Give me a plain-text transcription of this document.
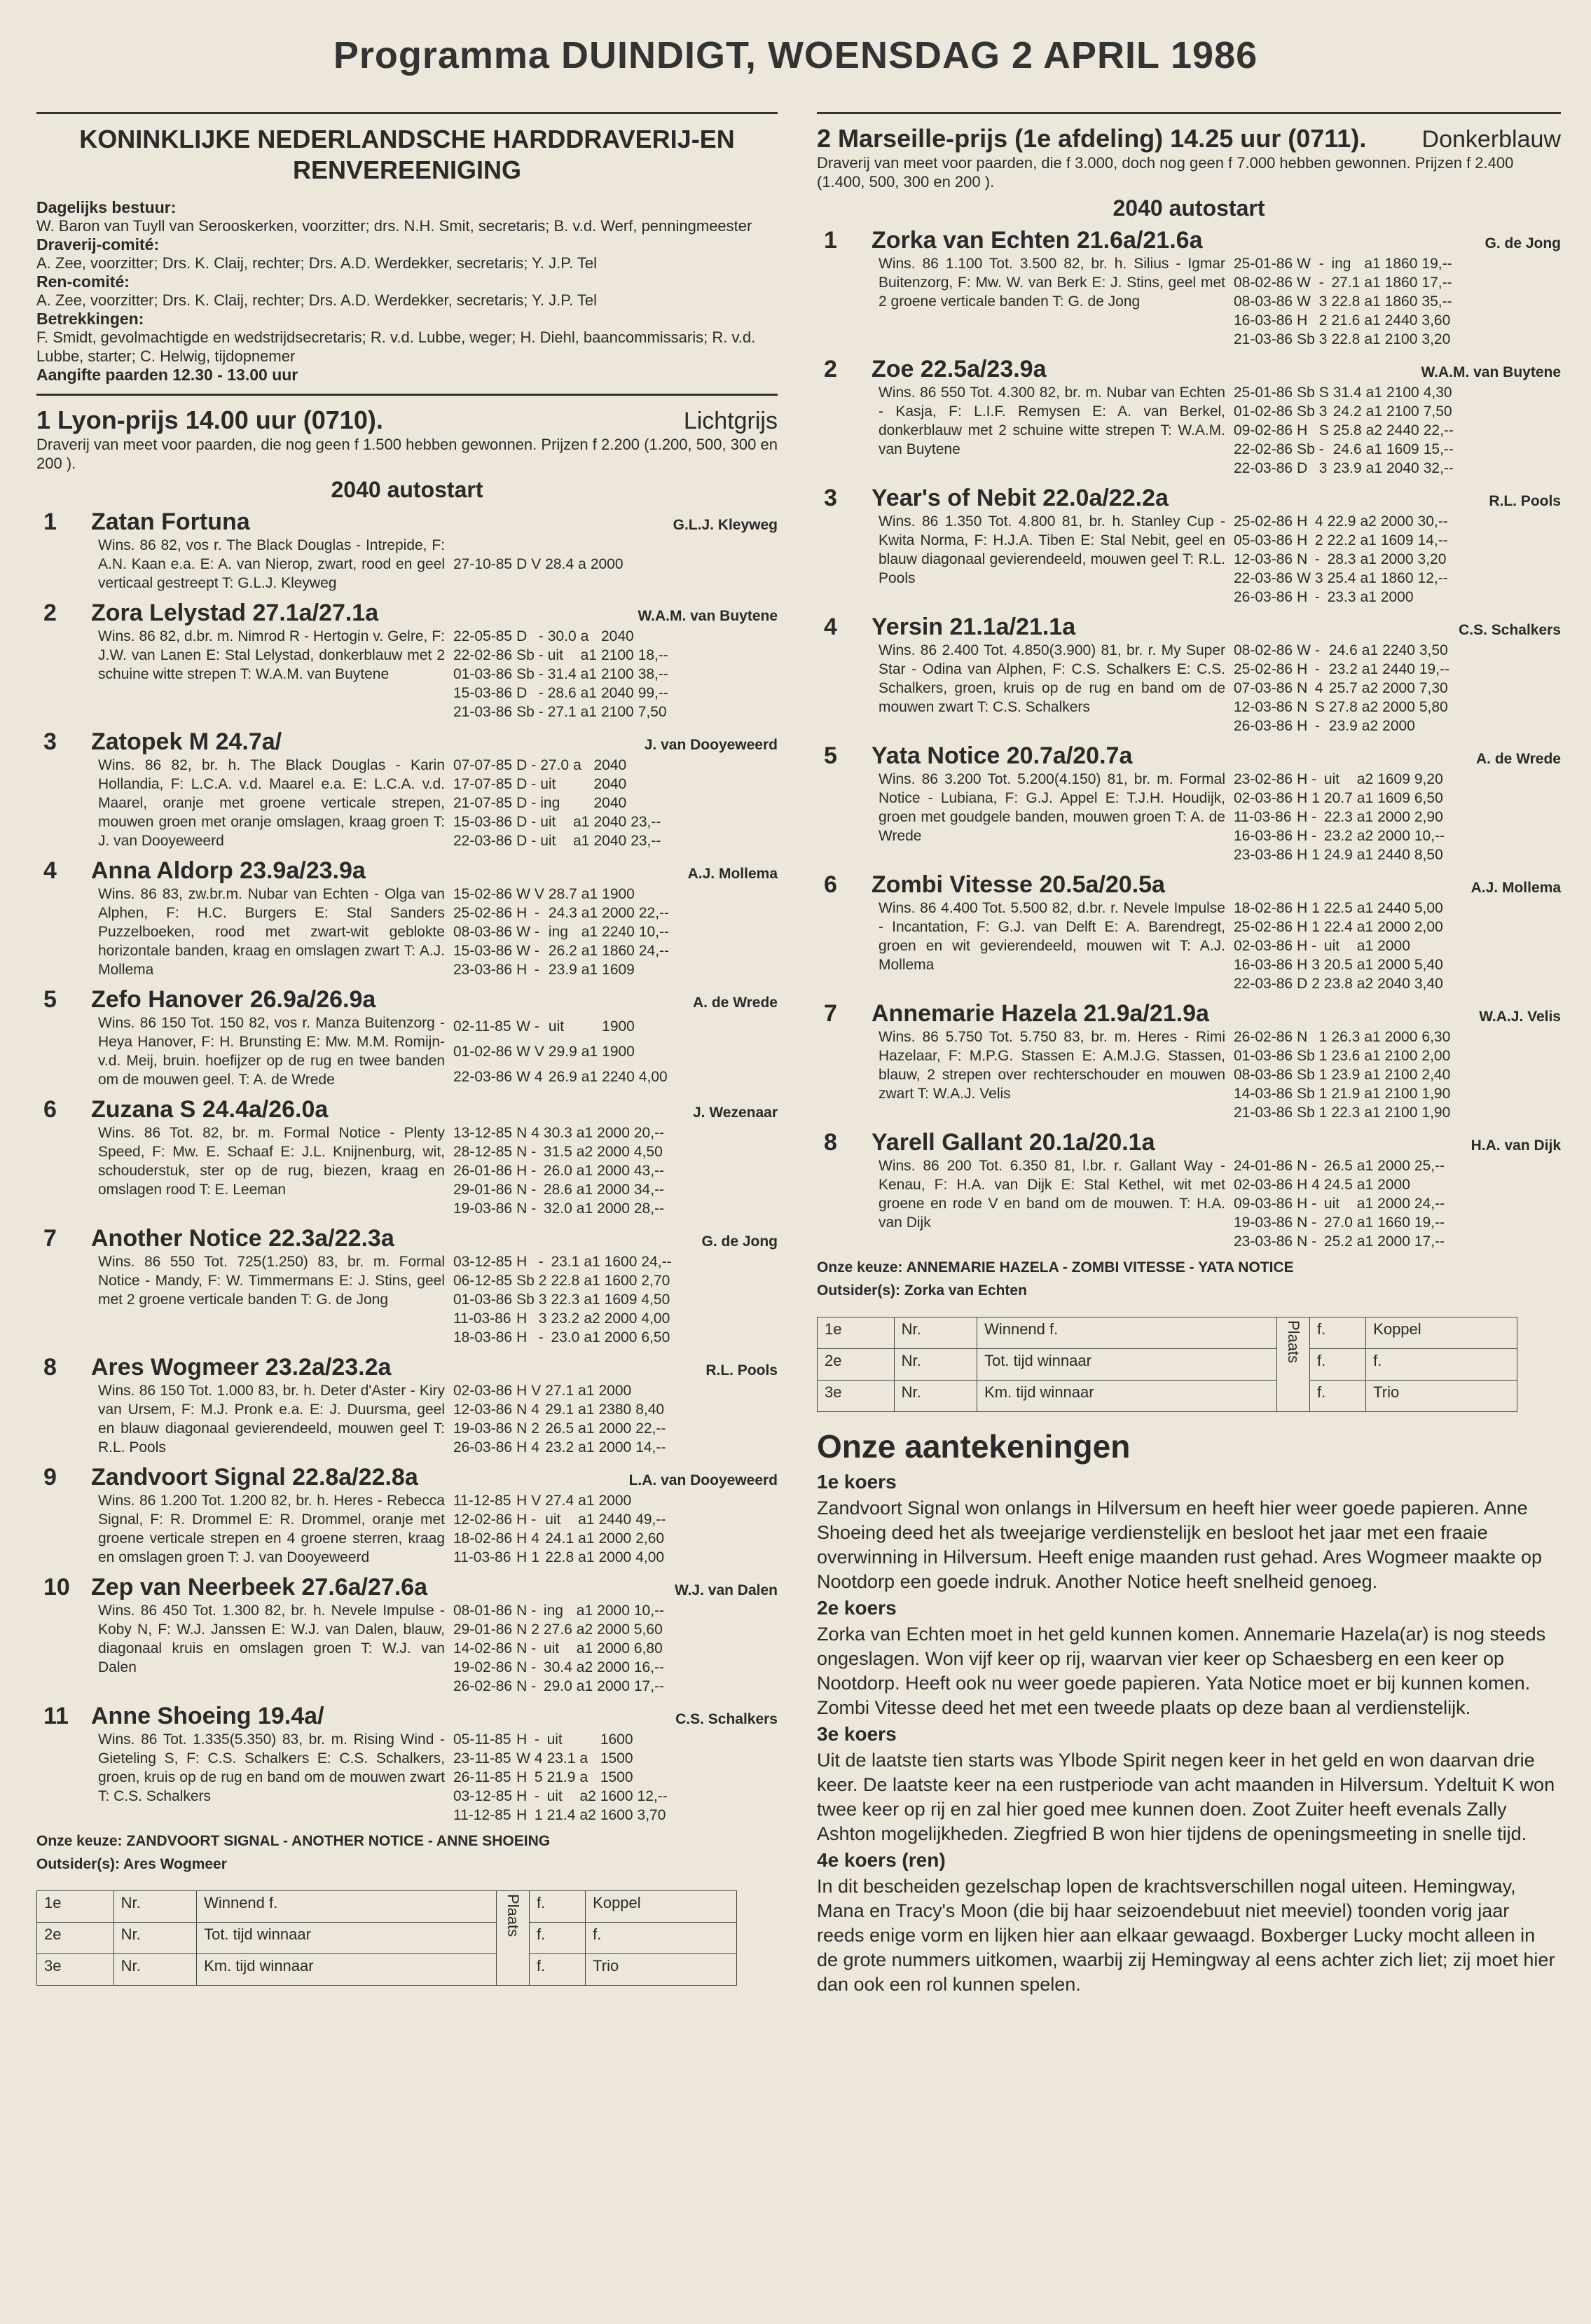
Programma DUINDIGT, WOENSDAG 2 APRIL 1986
KONINKLIJKE NEDERLANDSCHE HARDDRAVERIJ-EN RENVEREENIGING
Dagelijks bestuur:
W. Baron van Tuyll van Serooskerken, voorzitter; drs. N.H. Smit, secretaris; B. v.d. Werf, penningmeester
Draverij-comité:
A. Zee, voorzitter; Drs. K. Claij, rechter; Drs. A.D. Werdekker, secretaris; Y. J.P. Tel
Ren-comité:
A. Zee, voorzitter; Drs. K. Claij, rechter; Drs. A.D. Werdekker, secretaris; Y. J.P. Tel
Betrekkingen:
F. Smidt, gevolmachtigde en wedstrijdsecretaris; R. v.d. Lubbe, weger; H. Diehl, baancommissaris; R. v.d. Lubbe, starter; C. Helwig, tijdopnemer
Aangifte paarden 12.30 - 13.00 uur
1 Lyon-prijs 14.00 uur (0710).	Lichtgrijs
Draverij van meet voor paarden, die nog geen f 1.500 hebben gewonnen. Prijzen f 2.200 (1.200, 500, 300 en 200 ).
2040 autostart
1	Zatan Fortuna	G.L.J. Kleyweg
Wins. 86 82, vos r. The Black Douglas - Intrepide, F: A.N. Kaan e.a. E: A. van Nierop, zwart, rood en geel verticaal gestreept T: G.L.J. Kleyweg
27-10-85	D	V	28.4	a	2000	
2	Zora Lelystad 27.1a/27.1a	W.A.M. van Buytene
Wins. 86 82, d.br. m. Nimrod R - Hertogin v. Gelre, F: J.W. van Lanen E: Stal Lelystad, donkerblauw met 2 schuine witte strepen T: W.A.M. van Buytene
22-05-85	D	-	30.0	a	2040	
22-02-86	Sb	-	uit	a1	2100	18,--
01-03-86	Sb	-	31.4	a1	2100	38,--
15-03-86	D	-	28.6	a1	2040	99,--
21-03-86	Sb	-	27.1	a1	2100	7,50
3	Zatopek M 24.7a/	J. van Dooyeweerd
Wins. 86 82, br. h. The Black Douglas - Karin Hollandia, F: L.C.A. v.d. Maarel e.a. E: L.C.A. v.d. Maarel, oranje met groene verticale strepen, mouwen groen met oranje omslagen, kraag groen T: J. van Dooyeweerd
07-07-85	D	-	27.0	a	2040	
17-07-85	D	-	uit		2040	
21-07-85	D	-	ing		2040	
15-03-86	D	-	uit	a1	2040	23,--
22-03-86	D	-	uit	a1	2040	23,--
4	Anna Aldorp 23.9a/23.9a	A.J. Mollema
Wins. 86 83, zw.br.m. Nubar van Echten - Olga van Alphen, F: H.C. Burgers E: Stal Sanders Puzzelboeken, rood met zwart-wit geblokte horizontale banden, kraag en omslagen zwart T: A.J. Mollema
15-02-86	W	V	28.7	a1	1900	
25-02-86	H	-	24.3	a1	2000	22,--
08-03-86	W	-	ing	a1	2240	10,--
15-03-86	W	-	26.2	a1	1860	24,--
23-03-86	H	-	23.9	a1	1609	
5	Zefo Hanover 26.9a/26.9a	A. de Wrede
Wins. 86 150 Tot. 150 82, vos r. Manza Buitenzorg - Heya Hanover, F: H. Brunsting E: Mw. M.M. Romijn-v.d. Meij, bruin. hoefijzer op de rug en twee banden om de mouwen geel. T: A. de Wrede
02-11-85	W	-	uit		1900	
01-02-86	W	V	29.9	a1	1900	
22-03-86	W	4	26.9	a1	2240	4,00
6	Zuzana S 24.4a/26.0a	J. Wezenaar
Wins. 86 Tot. 82, br. m. Formal Notice - Plenty Speed, F: Mw. E. Schaaf E: J.L. Knijnenburg, wit, schouderstuk, ster op de rug, biezen, kraag en omslagen rood T: E. Leeman
13-12-85	N	4	30.3	a1	2000	20,--
28-12-85	N	-	31.5	a2	2000	4,50
26-01-86	H	-	26.0	a1	2000	43,--
29-01-86	N	-	28.6	a1	2000	34,--
19-03-86	N	-	32.0	a1	2000	28,--
7	Another Notice 22.3a/22.3a	G. de Jong
Wins. 86 550 Tot. 725(1.250) 83, br. m. Formal Notice - Mandy, F: W. Timmermans E: J. Stins, geel met 2 groene verticale banden T: G. de Jong
03-12-85	H	-	23.1	a1	1600	24,--
06-12-85	Sb	2	22.8	a1	1600	2,70
01-03-86	Sb	3	22.3	a1	1609	4,50
11-03-86	H	3	23.2	a2	2000	4,00
18-03-86	H	-	23.0	a1	2000	6,50
8	Ares Wogmeer 23.2a/23.2a	R.L. Pools
Wins. 86 150 Tot. 1.000 83, br. h. Deter d'Aster - Kiry van Ursem, F: M.J. Pronk e.a. E: J. Duursma, geel en blauw diagonaal gevierendeeld, mouwen geel T: R.L. Pools
02-03-86	H	V	27.1	a1	2000	
12-03-86	N	4	29.1	a1	2380	8,40
19-03-86	N	2	26.5	a1	2000	22,--
26-03-86	H	4	23.2	a1	2000	14,--
9	Zandvoort Signal 22.8a/22.8a	L.A. van Dooyeweerd
Wins. 86 1.200 Tot. 1.200 82, br. h. Heres - Rebecca Signal, F: R. Drommel E: R. Drommel, oranje met groene verticale strepen en 4 groene sterren, kraag en omslagen groen T: J. van Dooyeweerd
11-12-85	H	V	27.4	a1	2000	
12-02-86	H	-	uit	a1	2440	49,--
18-02-86	H	4	24.1	a1	2000	2,60
11-03-86	H	1	22.8	a1	2000	4,00
10 Zep van Neerbeek 27.6a/27.6a	W.J. van Dalen
Wins. 86 450 Tot. 1.300 82, br. h. Nevele Impulse - Koby N, F: W.J. Janssen E: W.J. van Dalen, blauw, diagonaal kruis en omslagen groen T: W.J. van Dalen
08-01-86	N	-	ing	a1	2000	10,--
29-01-86	N	2	27.6	a2	2000	5,60
14-02-86	N	-	uit	a1	2000	6,80
19-02-86	N	-	30.4	a2	2000	16,--
26-02-86	N	-	29.0	a1	2000	17,--
11 Anne Shoeing 19.4a/	C.S. Schalkers
Wins. 86 Tot. 1.335(5.350) 83, br. m. Rising Wind - Gieteling S, F: C.S. Schalkers E: C.S. Schalkers, groen, kruis op de rug en band om de mouwen zwart T: C.S. Schalkers
05-11-85	H	-	uit		1600	
23-11-85	W	4	23.1	a	1500	
26-11-85	H	5	21.9	a	1500	
03-12-85	H	-	uit	a2	1600	12,--
11-12-85	H	1	21.4	a2	1600	3,70
Onze keuze: ZANDVOORT SIGNAL - ANOTHER NOTICE - ANNE SHOEING
Outsider(s): Ares Wogmeer
1e	Nr.	Winnend f.	Plaats	f.	Koppel
2e	Nr.	Tot. tijd winnaar		f.	f.
3e	Nr.	Km. tijd winnaar		f.	Trio
2 Marseille-prijs (1e afdeling) 14.25 uur (0711). Donkerblauw
Draverij van meet voor paarden, die f 3.000, doch nog geen f 7.000 hebben gewonnen. Prijzen f 2.400 (1.400, 500, 300 en 200 ).
2040 autostart
1	Zorka van Echten 21.6a/21.6a	G. de Jong
Wins. 86 1.100 Tot. 3.500 82, br. h. Silius - Igmar Buitenzorg, F: Mw. W. van Berk E: J. Stins, geel met 2 groene verticale banden T: G. de Jong
25-01-86	W	-	ing	a1	1860	19,--
08-02-86	W	-	27.1	a1	1860	17,--
08-03-86	W	3	22.8	a1	1860	35,--
16-03-86	H	2	21.6	a1	2440	3,60
21-03-86	Sb	3	22.8	a1	2100	3,20
2	Zoe 22.5a/23.9a	W.A.M. van Buytene
Wins. 86 550 Tot. 4.300 82, br. m. Nubar van Echten - Kasja, F: L.I.F. Remysen E: A. van Berkel, donkerblauw met 2 schuine witte strepen T: W.A.M. van Buytene
25-01-86	Sb	S	31.4	a1	2100	4,30
01-02-86	Sb	3	24.2	a1	2100	7,50
09-02-86	H	S	25.8	a2	2440	22,--
22-02-86	Sb	-	24.6	a1	1609	15,--
22-03-86	D	3	23.9	a1	2040	32,--
3	Year's of Nebit 22.0a/22.2a	R.L. Pools
Wins. 86 1.350 Tot. 4.800 81, br. h. Stanley Cup - Kwita Norma, F: H.J.A. Tiben E: Stal Nebit, geel en blauw diagonaal gevierendeeld, mouwen geel T: R.L. Pools
25-02-86	H	4	22.9	a2	2000	30,--
05-03-86	H	2	22.2	a1	1609	14,--
12-03-86	N	-	28.3	a1	2000	3,20
22-03-86	W	3	25.4	a1	1860	12,--
26-03-86	H	-	23.3	a1	2000	
4	Yersin 21.1a/21.1a	C.S. Schalkers
Wins. 86 2.400 Tot. 4.850(3.900) 81, br. r. My Super Star - Odina van Alphen, F: C.S. Schalkers E: C.S. Schalkers, groen, kruis op de rug en band om de mouwen zwart T: C.S. Schalkers
08-02-86	W	-	24.6	a1	2240	3,50
25-02-86	H	-	23.2	a1	2440	19,--
07-03-86	N	4	25.7	a2	2000	7,30
12-03-86	N	S	27.8	a2	2000	5,80
26-03-86	H	-	23.9	a2	2000	
5	Yata Notice 20.7a/20.7a	A. de Wrede
Wins. 86 3.200 Tot. 5.200(4.150) 81, br. m. Formal Notice - Lubiana, F: G.J. Appel E: T.J.H. Houdijk, groen met goudgele banden, mouwen groen T: A. de Wrede
23-02-86	H	-	uit	a2	1609	9,20
02-03-86	H	1	20.7	a1	1609	6,50
11-03-86	H	-	22.3	a1	2000	2,90
16-03-86	H	-	23.2	a2	2000	10,--
23-03-86	H	1	24.9	a1	2440	8,50
6	Zombi Vitesse 20.5a/20.5a	A.J. Mollema
Wins. 86 4.400 Tot. 5.500 82, d.br. r. Nevele Impulse - Incantation, F: G.J. van Delft E: A. Barendregt, groen en wit gevierendeeld, mouwen wit T: A.J. Mollema
18-02-86	H	1	22.5	a1	2440	5,00
25-02-86	H	1	22.4	a1	2000	2,00
02-03-86	H	-	uit	a1	2000	
16-03-86	H	3	20.5	a1	2000	5,40
22-03-86	D	2	23.8	a2	2040	3,40
7	Annemarie Hazela 21.9a/21.9a	W.A.J. Velis
Wins. 86 5.750 Tot. 5.750 83, br. m. Heres - Rimi Hazelaar, F: M.P.G. Stassen E: A.M.J.G. Stassen, blauw, 2 strepen over rechterschouder en mouwen zwart T: W.A.J. Velis
26-02-86	N	1	26.3	a1	2000	6,30
01-03-86	Sb	1	23.6	a1	2100	2,00
08-03-86	Sb	1	23.9	a1	2100	2,40
14-03-86	Sb	1	21.9	a1	2100	1,90
21-03-86	Sb	1	22.3	a1	2100	1,90
8	Yarell Gallant 20.1a/20.1a	H.A. van Dijk
Wins. 86 200 Tot. 6.350 81, l.br. r. Gallant Way - Kenau, F: H.A. van Dijk E: Stal Kethel, wit met groene en rode V en band om de mouwen. T: H.A. van Dijk
24-01-86	N	-	26.5	a1	2000	25,--
02-03-86	H	4	24.5	a1	2000	
09-03-86	H	-	uit	a1	2000	24,--
19-03-86	N	-	27.0	a1	1660	19,--
23-03-86	N	-	25.2	a1	2000	17,--
Onze keuze: ANNEMARIE HAZELA - ZOMBI VITESSE - YATA NOTICE
Outsider(s): Zorka van Echten
1e	Nr.	Winnend f.	Plaats	f.	Koppel
2e	Nr.	Tot. tijd winnaar		f.	f.
3e	Nr.	Km. tijd winnaar		f.	Trio
Onze aantekeningen
1e koers

Zandvoort Signal won onlangs in Hilversum en heeft hier weer goede papieren. Anne Shoeing deed het als tweejarige verdienstelijk en besloot het jaar met een fraaie overwinning in Hilversum. Heeft enige maanden rust gehad. Ares Wogmeer maakte op Nootdorp een goede indruk. Another Notice heeft snelheid genoeg.

2e koers

Zorka van Echten moet in het geld kunnen komen. Annemarie Hazela(ar) is nog steeds ongeslagen. Won vijf keer op rij, waarvan vier keer op Schaesberg en een keer op Nootdorp. Heeft ook nu weer goede papieren. Yata Notice moet er bij kunnen komen. Zombi Vitesse deed het met een tweede plaats op deze baan al verdienstelijk.

3e koers

Uit de laatste tien starts was Ylbode Spirit negen keer in het geld en won daarvan drie keer. De laatste keer na een rustperiode van acht maanden in Hilversum. Ydeltuit K won twee keer op rij en zal hier goed mee kunnen doen. Zoot Zuiter heeft evenals Zally Ashton mogelijkheden. Ziegfried B won hier tijdens de openingsmeeting in snelle tijd.

4e koers (ren)

In dit bescheiden gezelschap lopen de krachtsverschillen nogal uiteen. Hemingway, Mana en Tracy's Moon (die bij haar seizoendebuut niet meeviel) toonden vorig jaar reeds enige vorm en lijken hier aan elkaar gewaagd. Boxberger Lucky mocht alleen in de grote nummers uitkomen, waarbij zij Hemingway al eens achter zich liet; zij moet hier dan ook een rol kunnen spelen.
